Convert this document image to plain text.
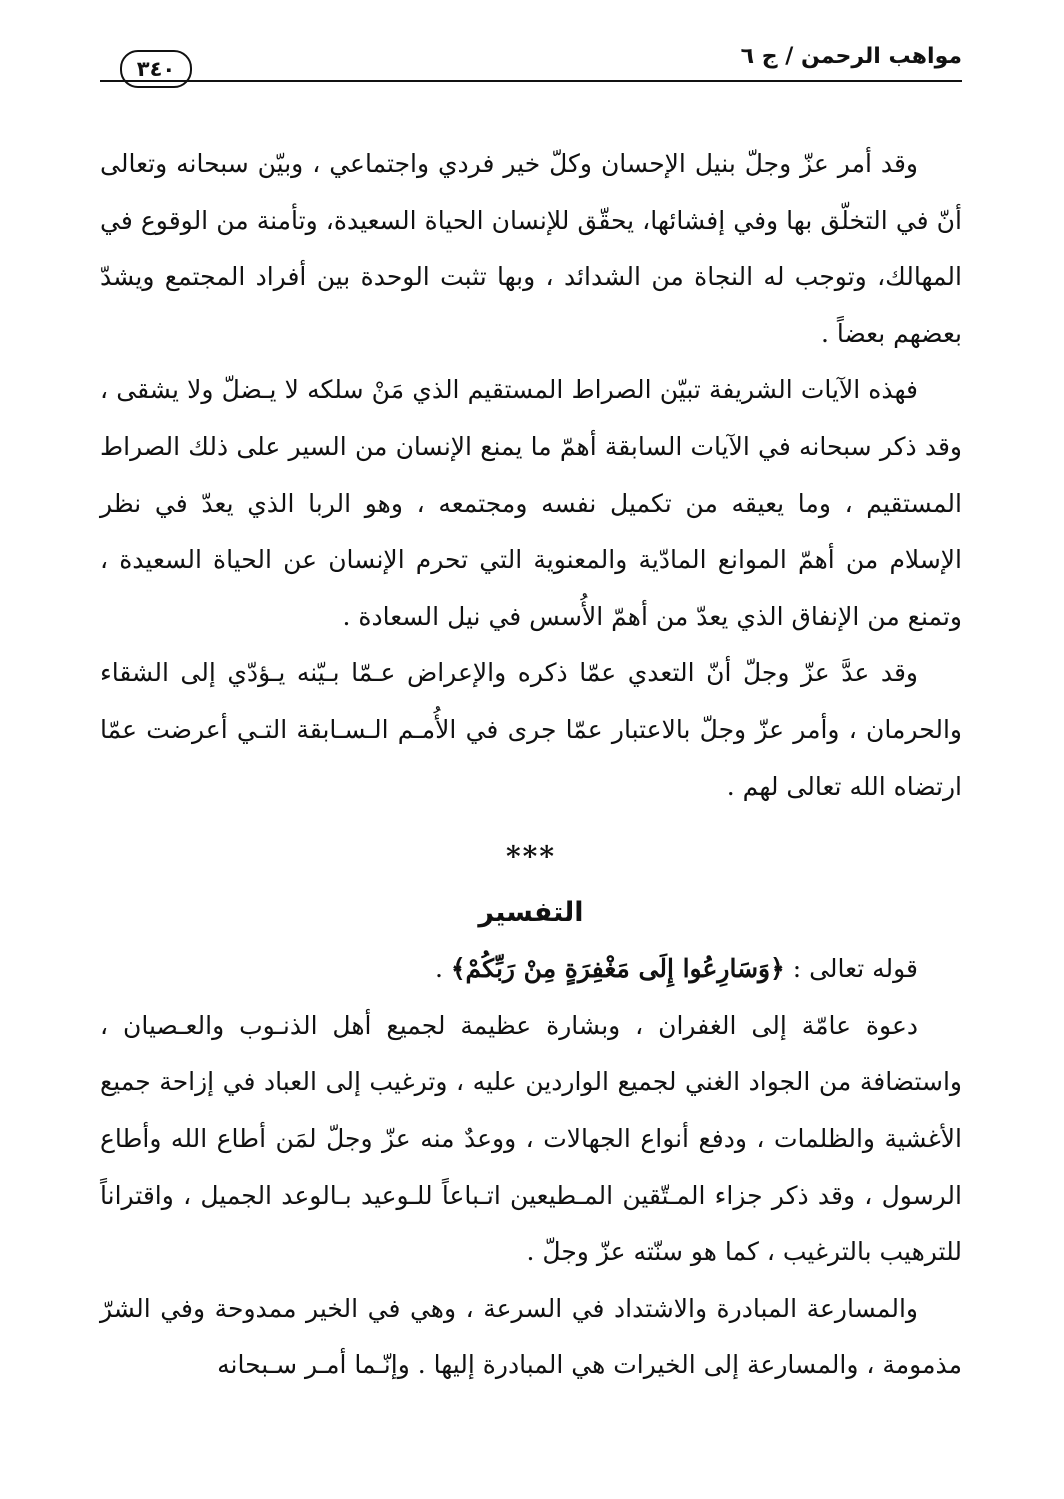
مواهب الرحمن / ج ٦
٣٤٠

وقد أمر عزّ وجلّ بنيل الإحسان وكلّ خير فردي واجتماعي ، وبيّن سبحانه وتعالى أنّ في التخلّق بها وفي إفشائها، يحقّق للإنسان الحياة السعيدة، وتأمنة من الوقوع في المهالك، وتوجب له النجاة من الشدائد ، وبها تثبت الوحدة بين أفراد المجتمع ويشدّ بعضهم بعضاً .

فهذه الآيات الشريفة تبيّن الصراط المستقيم الذي مَنْ سلكه لا يـضلّ ولا يشقى ، وقد ذكر سبحانه في الآيات السابقة أهمّ ما يمنع الإنسان من السير على ذلك الصراط المستقيم ، وما يعيقه من تكميل نفسه ومجتمعه ، وهو الربا الذي يعدّ في نظر الإسلام من أهمّ الموانع المادّية والمعنوية التي تحرم الإنسان عن الحياة السعيدة ، وتمنع من الإنفاق الذي يعدّ من أهمّ الأُسس في نيل السعادة .

وقد عدَّ عزّ وجلّ أنّ التعدي عمّا ذكره والإعراض عـمّا بـيّنه يـؤدّي إلى الشقاء والحرمان ، وأمر عزّ وجلّ بالاعتبار عمّا جرى في الأُمـم الـسـابقة التـي أعرضت عمّا ارتضاه الله تعالى لهم .

***
التفسير

قوله تعالى : ﴿وَسَارِعُوا إِلَى مَغْفِرَةٍ مِنْ رَبِّكُمْ﴾ .

دعوة عامّة إلى الغفران ، وبشارة عظيمة لجميع أهل الذنـوب والعـصيان ، واستضافة من الجواد الغني لجميع الواردين عليه ، وترغيب إلى العباد في إزاحة جميع الأغشية والظلمات ، ودفع أنواع الجهالات ، ووعدٌ منه عزّ وجلّ لمَن أطاع الله وأطاع الرسول ، وقد ذكر جزاء المـتّقين المـطيعين اتـباعاً للـوعيد بـالوعد الجميل ، واقتراناً للترهيب بالترغيب ، كما هو سنّته عزّ وجلّ .

والمسارعة المبادرة والاشتداد في السرعة ، وهي في الخير ممدوحة وفي الشرّ مذمومة ، والمسارعة إلى الخيرات هي المبادرة إليها . وإنّـما أمـر سـبحانه
